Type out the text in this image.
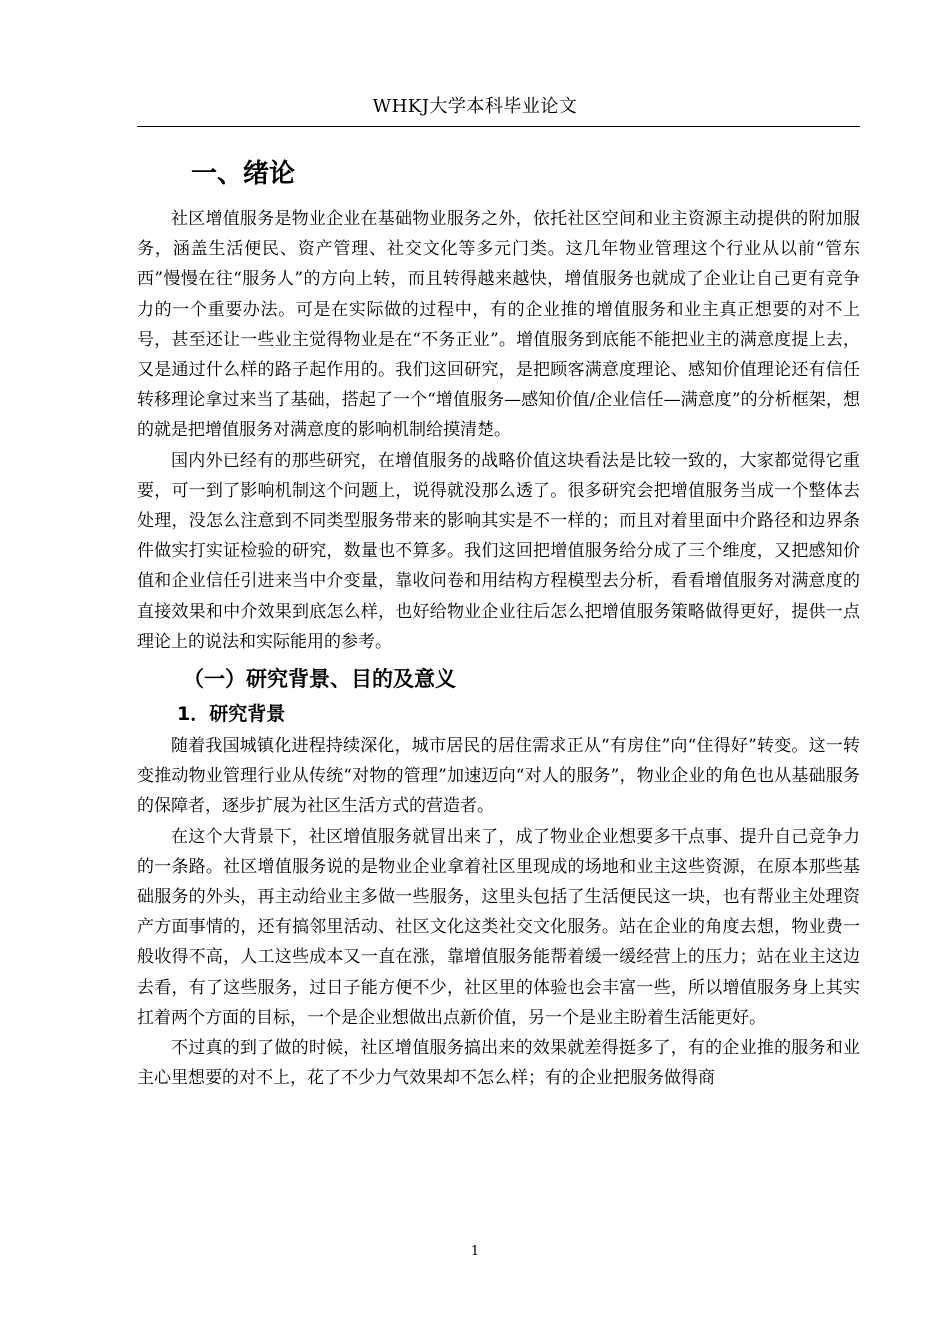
WHKJ大学本科毕业论文
一、绪论

社区增值服务是物业企业在基础物业服务之外，依托社区空间和业主资源主动提供的附加服务，涵盖生活便民、资产管理、社交文化等多元门类。这几年物业管理这个行业从以前“管东西”慢慢在往“服务人”的方向上转，而且转得越来越快，增值服务也就成了企业让自己更有竞争力的一个重要办法。可是在实际做的过程中，有的企业推的增值服务和业主真正想要的对不上号，甚至还让一些业主觉得物业是在“不务正业”。增值服务到底能不能把业主的满意度提上去，又是通过什么样的路子起作用的。我们这回研究，是把顾客满意度理论、感知价值理论还有信任转移理论拿过来当了基础，搭起了一个“增值服务—感知价值/企业信任—满意度”的分析框架，想的就是把增值服务对满意度的影响机制给摸清楚。

国内外已经有的那些研究，在增值服务的战略价值这块看法是比较一致的，大家都觉得它重要，可一到了影响机制这个问题上，说得就没那么透了。很多研究会把增值服务当成一个整体去处理，没怎么注意到不同类型服务带来的影响其实是不一样的；而且对着里面中介路径和边界条件做实打实证检验的研究，数量也不算多。我们这回把增值服务给分成了三个维度，又把感知价值和企业信任引进来当中介变量，靠收问卷和用结构方程模型去分析，看看增值服务对满意度的直接效果和中介效果到底怎么样，也好给物业企业往后怎么把增值服务策略做得更好，提供一点理论上的说法和实际能用的参考。

（一）研究背景、目的及意义
1．研究背景

随着我国城镇化进程持续深化，城市居民的居住需求正从“有房住”向“住得好”转变。这一转变推动物业管理行业从传统“对物的管理”加速迈向“对人的服务”，物业企业的角色也从基础服务的保障者，逐步扩展为社区生活方式的营造者。

在这个大背景下，社区增值服务就冒出来了，成了物业企业想要多干点事、提升自己竞争力的一条路。社区增值服务说的是物业企业拿着社区里现成的场地和业主这些资源，在原本那些基础服务的外头，再主动给业主多做一些服务，这里头包括了生活便民这一块，也有帮业主处理资产方面事情的，还有搞邻里活动、社区文化这类社交文化服务。站在企业的角度去想，物业费一般收得不高，人工这些成本又一直在涨，靠增值服务能帮着缓一缓经营上的压力；站在业主这边去看，有了这些服务，过日子能方便不少，社区里的体验也会丰富一些，所以增值服务身上其实扛着两个方面的目标，一个是企业想做出点新价值，另一个是业主盼着生活能更好。

不过真的到了做的时候，社区增值服务搞出来的效果就差得挺多了，有的企业推的服务和业主心里想要的对不上，花了不少力气效果却不怎么样；有的企业把服务做得商

1
